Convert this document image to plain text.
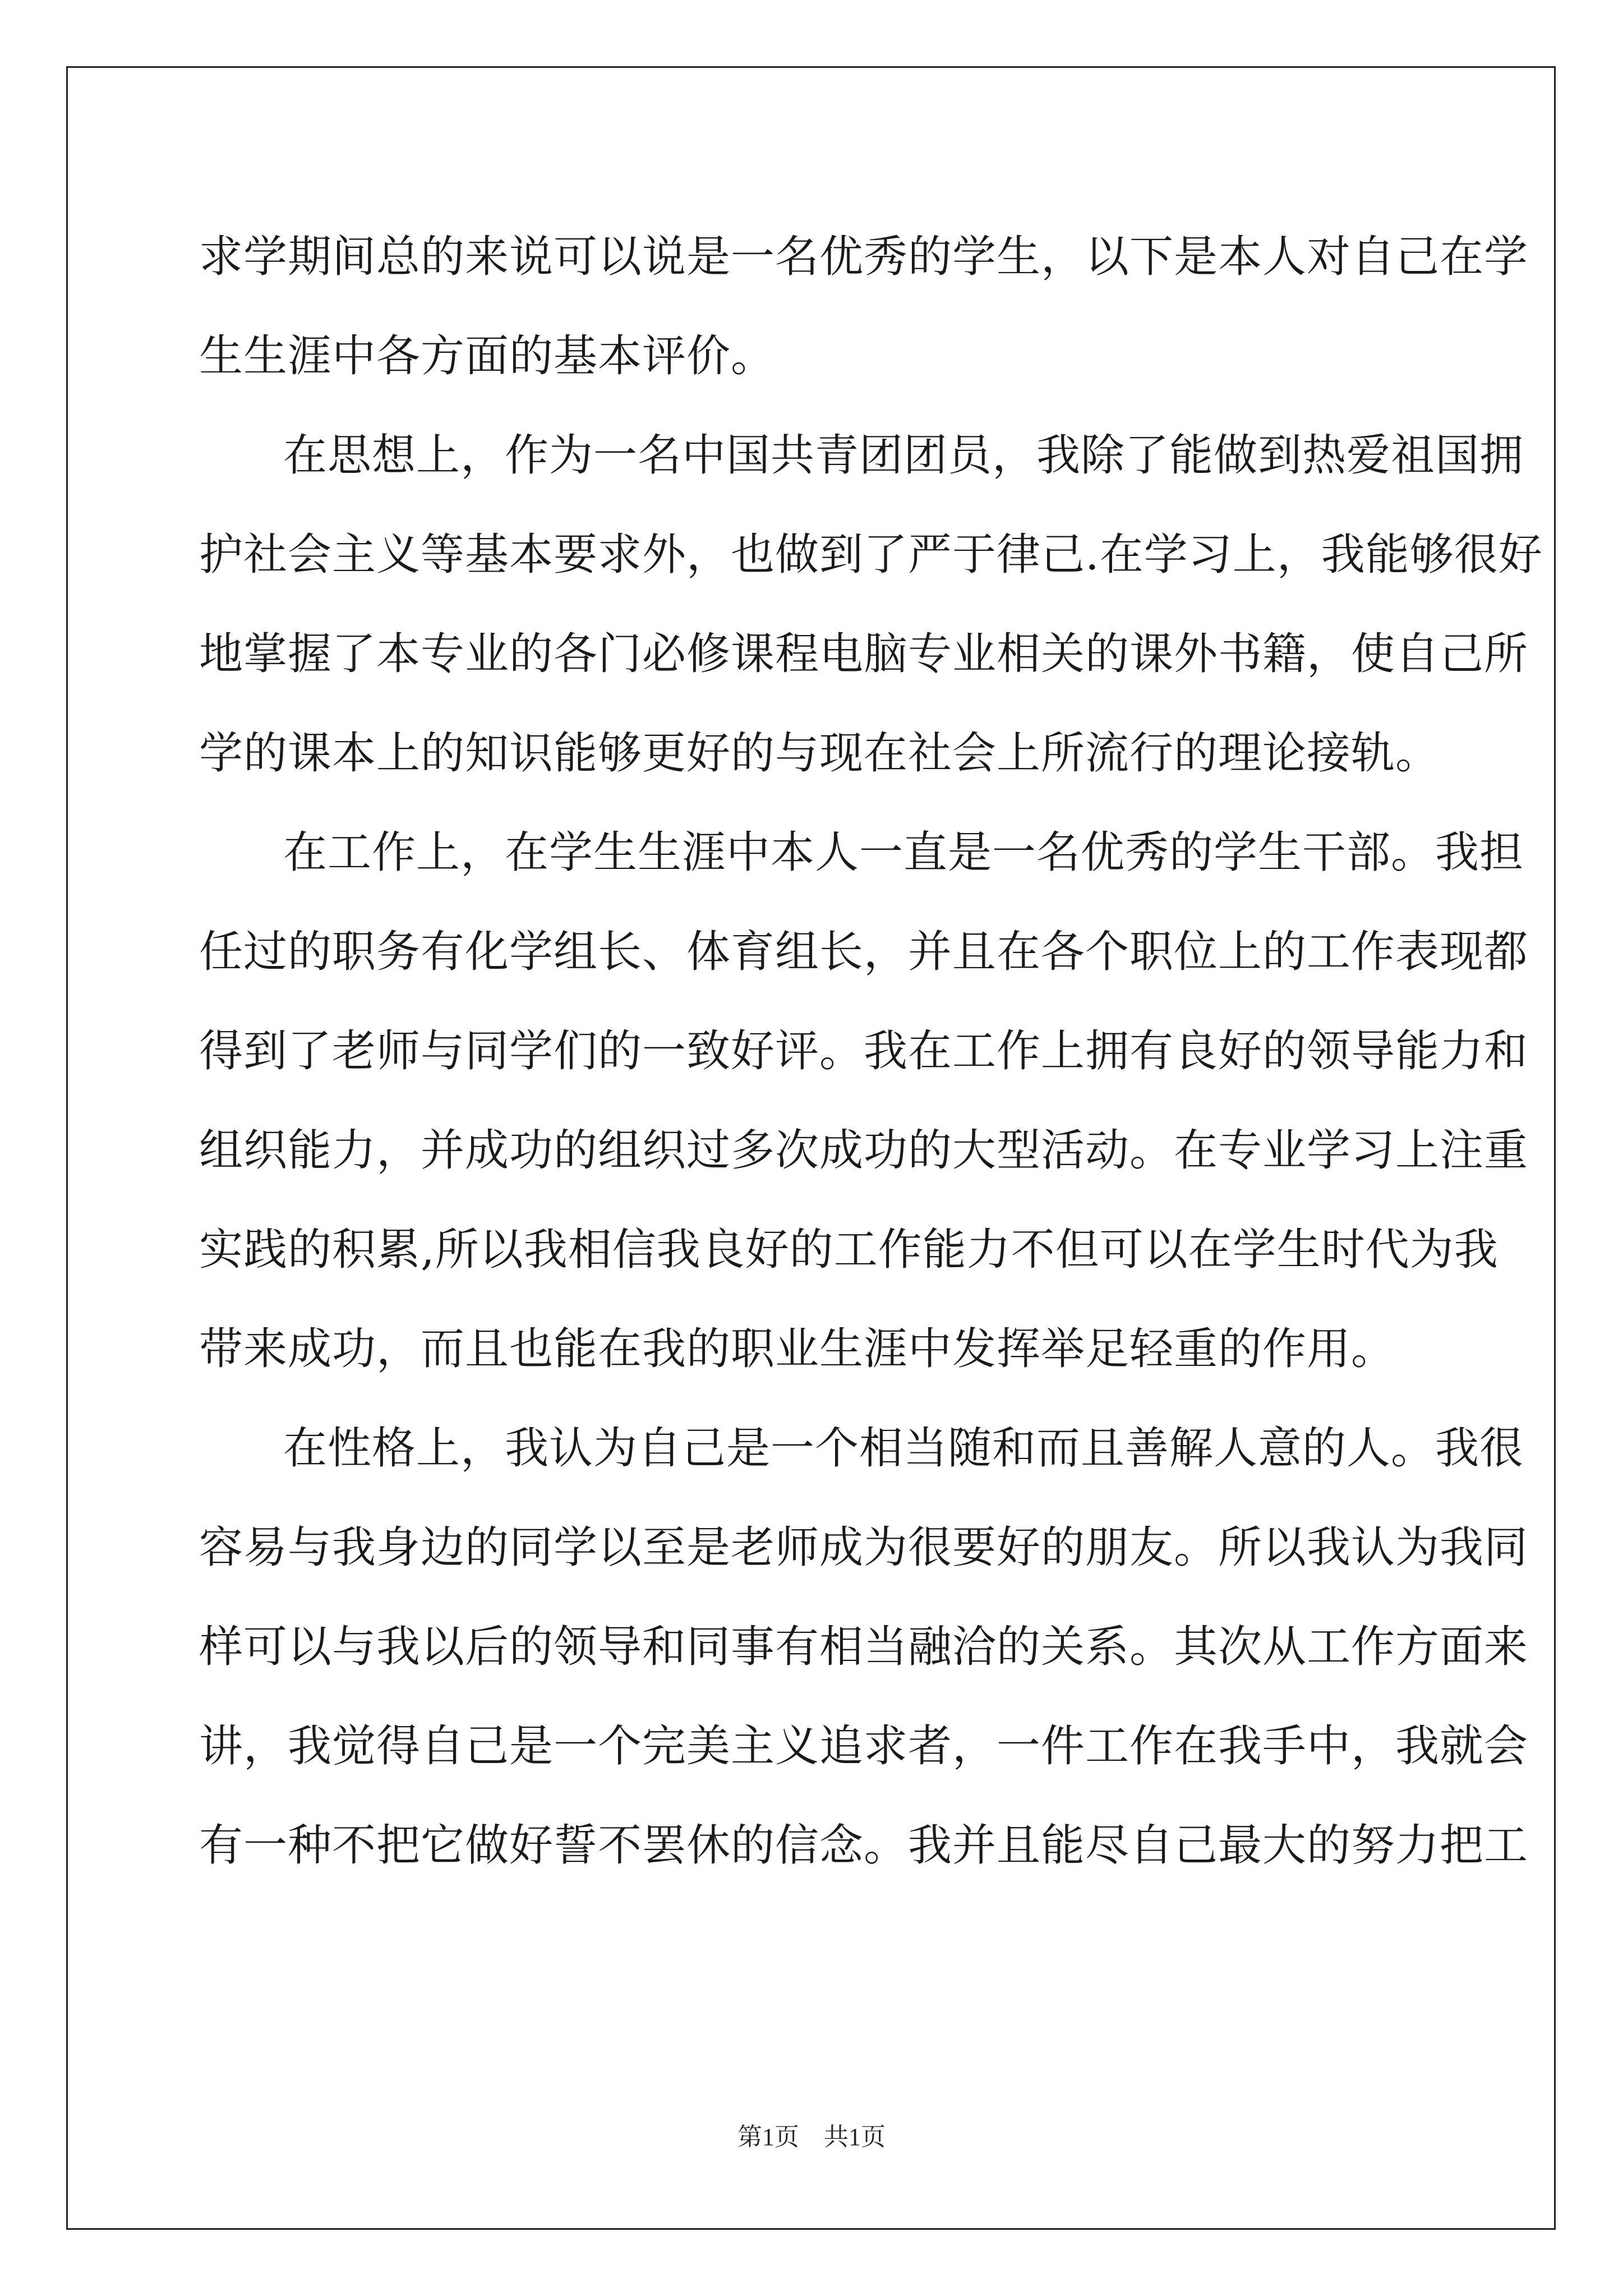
求学期间总的来说可以说是一名优秀的学生，以下是本人对自己在学
生生涯中各方面的基本评价。
在思想上，作为一名中国共青团团员，我除了能做到热爱祖国拥
护社会主义等基本要求外，也做到了严于律己.在学习上，我能够很好
地掌握了本专业的各门必修课程电脑专业相关的课外书籍，使自己所
学的课本上的知识能够更好的与现在社会上所流行的理论接轨。
在工作上，在学生生涯中本人一直是一名优秀的学生干部。我担
任过的职务有化学组长、体育组长，并且在各个职位上的工作表现都
得到了老师与同学们的一致好评。我在工作上拥有良好的领导能力和
组织能力，并成功的组织过多次成功的大型活动。在专业学习上注重
实践的积累,所以我相信我良好的工作能力不但可以在学生时代为我
带来成功，而且也能在我的职业生涯中发挥举足轻重的作用。
在性格上，我认为自己是一个相当随和而且善解人意的人。我很
容易与我身边的同学以至是老师成为很要好的朋友。所以我认为我同
样可以与我以后的领导和同事有相当融洽的关系。其次从工作方面来
讲，我觉得自己是一个完美主义追求者，一件工作在我手中，我就会
有一种不把它做好誓不罢休的信念。我并且能尽自己最大的努力把工
第1页　共1页
